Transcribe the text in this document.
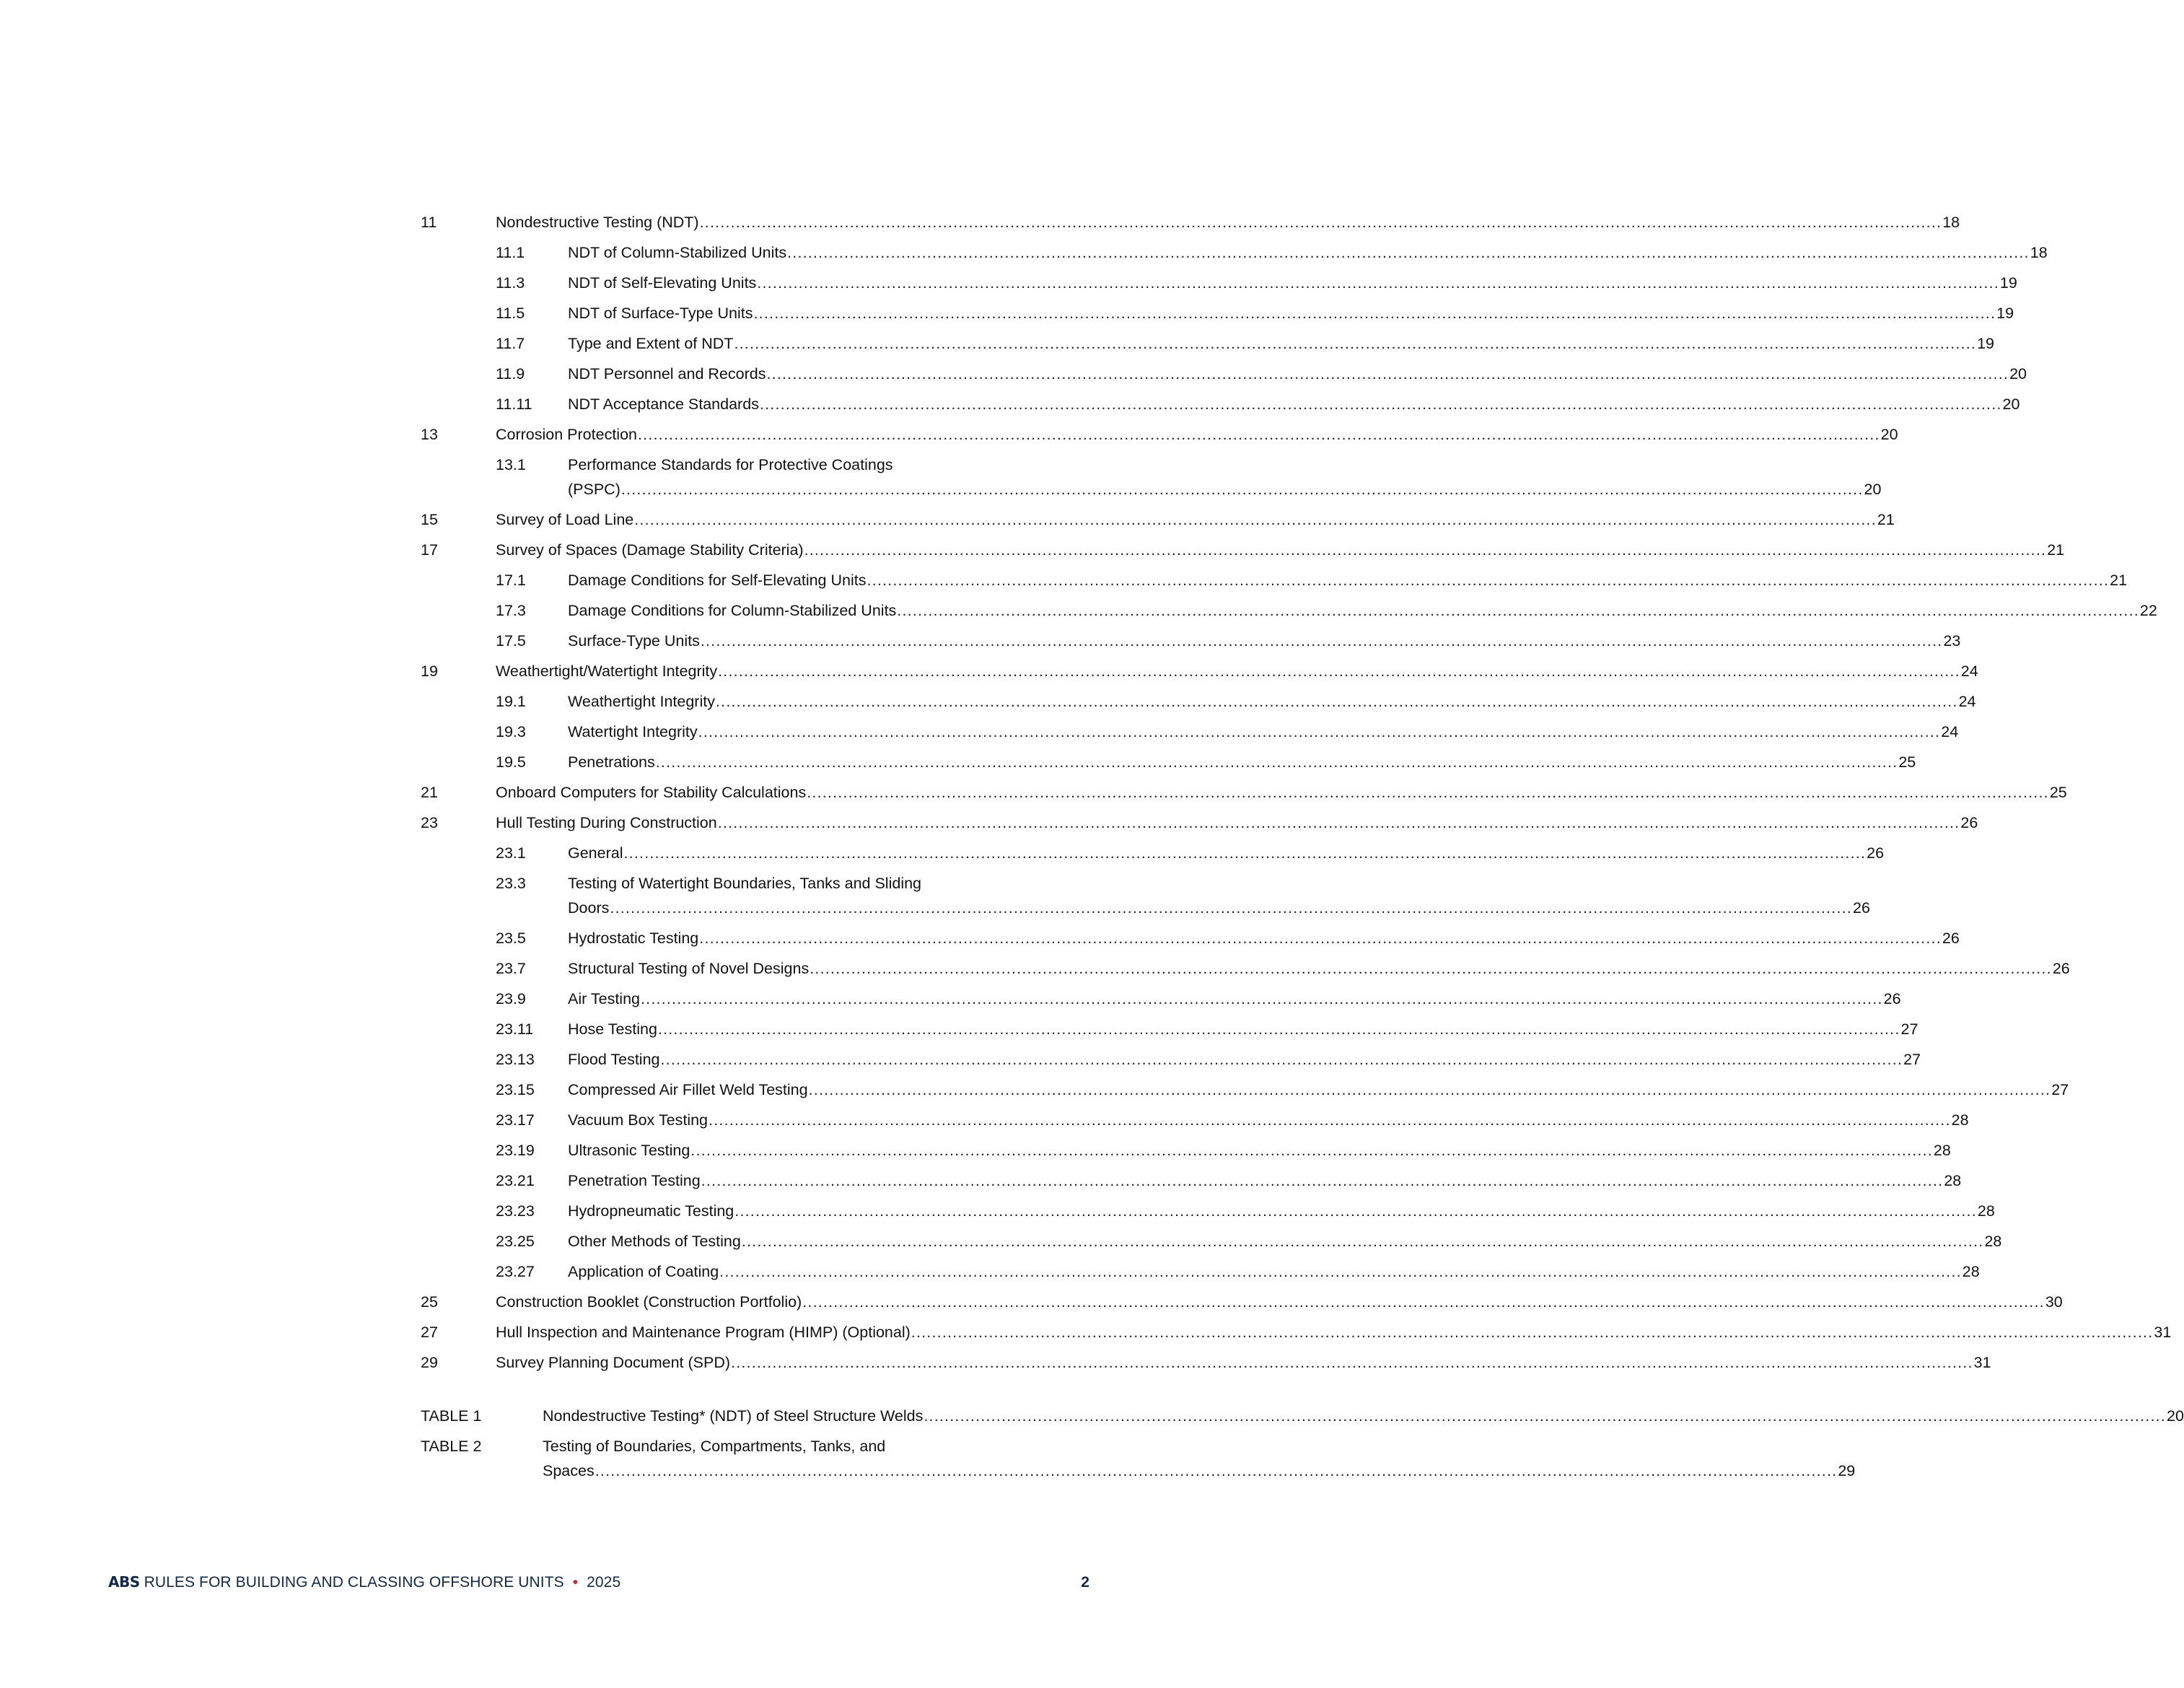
11	Nondestructive Testing (NDT) .....	18
11.1	NDT of Column-Stabilized Units .....	18
11.3	NDT of Self-Elevating Units .....	19
11.5	NDT of Surface-Type Units .....	19
11.7	Type and Extent of NDT .....	19
11.9	NDT Personnel and Records .....	20
11.11	NDT Acceptance Standards .....	20
13	Corrosion Protection .....	20
13.1	Performance Standards for Protective Coatings
(PSPC) .....	20
15	Survey of Load Line .....	21
17	Survey of Spaces (Damage Stability Criteria) .....	21
17.1	Damage Conditions for Self-Elevating Units .....	21
17.3	Damage Conditions for Column-Stabilized Units .....	22
17.5	Surface-Type Units .....	23
19	Weathertight/Watertight Integrity .....	24
19.1	Weathertight Integrity .....	24
19.3	Watertight Integrity .....	24
19.5	Penetrations .....	25
21	Onboard Computers for Stability Calculations .....	25
23	Hull Testing During Construction .....	26
23.1	General .....	26
23.3	Testing of Watertight Boundaries, Tanks and Sliding
Doors .....	26
23.5	Hydrostatic Testing .....	26
23.7	Structural Testing of Novel Designs .....	26
23.9	Air Testing .....	26
23.11	Hose Testing .....	27
23.13	Flood Testing .....	27
23.15	Compressed Air Fillet Weld Testing .....	27
23.17	Vacuum Box Testing .....	28
23.19	Ultrasonic Testing .....	28
23.21	Penetration Testing .....	28
23.23	Hydropneumatic Testing .....	28
23.25	Other Methods of Testing .....	28
23.27	Application of Coating .....	28
25	Construction Booklet (Construction Portfolio) .....	30
27	Hull Inspection and Maintenance Program (HIMP) (Optional) .....	31
29	Survey Planning Document (SPD) .....	31
TABLE 1	Nondestructive Testing* (NDT) of Steel Structure Welds .....	20
TABLE 2	Testing of Boundaries, Compartments, Tanks, and
Spaces .....	29
ABS RULES FOR BUILDING AND CLASSING OFFSHORE UNITS • 2025	2
